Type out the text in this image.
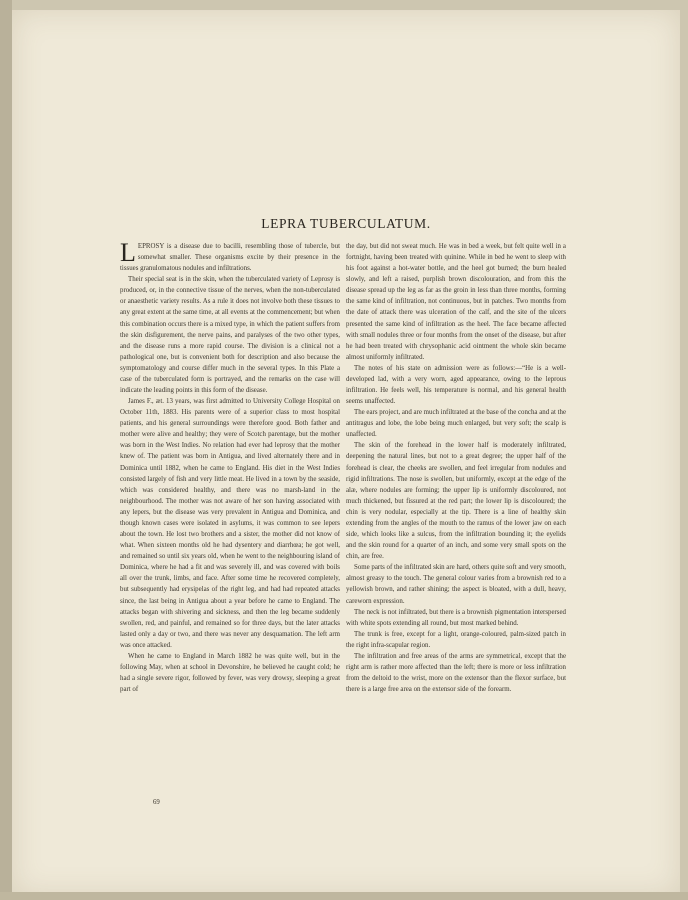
LEPRA TUBERCULATUM.

LEPROSY is a disease due to bacilli, resembling those of tubercle, but somewhat smaller. These organisms excite by their presence in the tissues granulomatous nodules and infiltrations.

Their special seat is in the skin, when the tuberculated variety of Leprosy is produced, or, in the connective tissue of the nerves, when the non-tuberculated or anaesthetic variety results. As a rule it does not involve both these tissues to any great extent at the same time, at all events at the commencement; but when this combination occurs there is a mixed type, in which the patient suffers from the skin disfigurement, the nerve pains, and paralyses of the two other types, and the disease runs a more rapid course. The division is a clinical not a pathological one, but is convenient both for description and also because the symptomatology and course differ much in the several types. In this Plate a case of the tuberculated form is portrayed, and the remarks on the case will indicate the leading points in this form of the disease.

James F., æt. 13 years, was first admitted to University College Hospital on October 11th, 1883. His parents were of a superior class to most hospital patients, and his general surroundings were therefore good. Both father and mother were alive and healthy; they were of Scotch parentage, but the mother was born in the West Indies. No relation had ever had leprosy that the mother knew of. The patient was born in Antigua, and lived alternately there and in Dominica until 1882, when he came to England. His diet in the West Indies consisted largely of fish and very little meat. He lived in a town by the seaside, which was considered healthy, and there was no marsh-land in the neighbourhood. The mother was not aware of her son having associated with any lepers, but the disease was very prevalent in Antigua and Dominica, and though known cases were isolated in asylums, it was common to see lepers about the town. He lost two brothers and a sister, the mother did not know of what. When sixteen months old he had dysentery and diarrhœa; he got well, and remained so until six years old, when he went to the neighbouring island of Dominica, where he had a fit and was severely ill, and was covered with boils all over the trunk, limbs, and face. After some time he recovered completely, but subsequently had erysipelas of the right leg, and had had repeated attacks since, the last being in Antigua about a year before he came to England. The attacks began with shivering and sickness, and then the leg became suddenly swollen, red, and painful, and remained so for three days, but the later attacks lasted only a day or two, and there was never any desquamation. The left arm was once attacked.

When he came to England in March 1882 he was quite well, but in the following May, when at school in Devonshire, he believed he caught cold; he had a single severe rigor, followed by fever, was very drowsy, sleeping a great part of

69

the day, but did not sweat much. He was in bed a week, but felt quite well in a fortnight, having been treated with quinine. While in bed he went to sleep with his foot against a hot-water bottle, and the heel got burned; the burn healed slowly, and left a raised, purplish brown discolouration, and from this the disease spread up the leg as far as the groin in less than three months, forming the same kind of infiltration, not continuous, but in patches. Two months from the date of attack there was ulceration of the calf, and the site of the ulcers presented the same kind of infiltration as the heel. The face became affected with small nodules three or four months from the onset of the disease, but after he had been treated with chrysophanic acid ointment the whole skin became almost uniformly infiltrated.

The notes of his state on admission were as follows:—“He is a well-developed lad, with a very worn, aged appearance, owing to the leprous infiltration. He feels well, his temperature is normal, and his general health seems unaffected.

The ears project, and are much infiltrated at the base of the concha and at the antitragus and lobe, the lobe being much enlarged, but very soft; the scalp is unaffected.

The skin of the forehead in the lower half is moderately infiltrated, deepening the natural lines, but not to a great degree; the upper half of the forehead is clear, the cheeks are swollen, and feel irregular from nodules and rigid infiltrations. The nose is swollen, but uniformly, except at the edge of the alæ, where nodules are forming; the upper lip is uniformly discoloured, not much thickened, but fissured at the red part; the lower lip is discoloured; the chin is very nodular, especially at the tip. There is a line of healthy skin extending from the angles of the mouth to the ramus of the lower jaw on each side, which looks like a sulcus, from the infiltration bounding it; the eyelids and the skin round for a quarter of an inch, and some very small spots on the chin, are free.

Some parts of the infiltrated skin are hard, others quite soft and very smooth, almost greasy to the touch. The general colour varies from a brownish red to a yellowish brown, and rather shining; the aspect is bloated, with a dull, heavy, careworn expression.

The neck is not infiltrated, but there is a brownish pigmentation interspersed with white spots extending all round, but most marked behind.

The trunk is free, except for a light, orange-coloured, palm-sized patch in the right infra-scapular region.

The infiltration and free areas of the arms are symmetrical, except that the right arm is rather more affected than the left; there is more or less infiltration from the deltoid to the wrist, more on the extensor than the flexor surface, but there is a large free area on the extensor side of the forearm.
